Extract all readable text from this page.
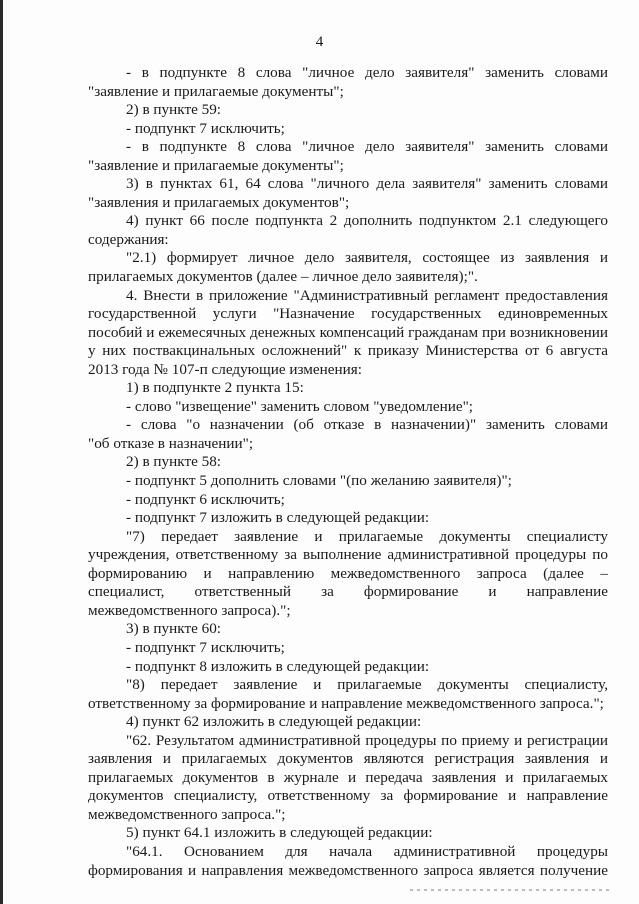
4
- в подпункте 8 слова "личное дело заявителя" заменить словами
"заявление и прилагаемые документы";
2) в пункте 59:
- подпункт 7 исключить;
- в подпункте 8 слова "личное дело заявителя" заменить словами
"заявление и прилагаемые документы";
3) в пунктах 61, 64 слова "личного дела заявителя" заменить словами
"заявления и прилагаемых документов";
4) пункт 66 после подпункта 2 дополнить подпунктом 2.1 следующего
содержания:
"2.1) формирует личное дело заявителя, состоящее из заявления и
прилагаемых документов (далее – личное дело заявителя);".
4. Внести в приложение "Административный регламент предоставления
государственной услуги "Назначение государственных единовременных
пособий и ежемесячных денежных компенсаций гражданам при возникновении
у них поствакцинальных осложнений" к приказу Министерства от 6 августа
2013 года № 107-п следующие изменения:
1) в подпункте 2 пункта 15:
- слово "извещение" заменить словом "уведомление";
- слова "о назначении (об отказе в назначении)" заменить словами
"об отказе в назначении";
2) в пункте 58:
- подпункт 5 дополнить словами "(по желанию заявителя)";
- подпункт 6 исключить;
- подпункт 7 изложить в следующей редакции:
"7) передает заявление и прилагаемые документы специалисту
учреждения, ответственному за выполнение административной процедуры по
формированию и направлению межведомственного запроса (далее –
специалист, ответственный за формирование и направление
межведомственного запроса).";
3) в пункте 60:
- подпункт 7 исключить;
- подпункт 8 изложить в следующей редакции:
"8) передает заявление и прилагаемые документы специалисту,
ответственному за формирование и направление межведомственного запроса.";
4) пункт 62 изложить в следующей редакции:
"62. Результатом административной процедуры по приему и регистрации
заявления и прилагаемых документов являются регистрация заявления и
прилагаемых документов в журнале и передача заявления и прилагаемых
документов специалисту, ответственному за формирование и направление
межведомственного запроса.";
5) пункт 64.1 изложить в следующей редакции:
"64.1. Основанием для начала административной процедуры
формирования и направления межведомственного запроса является получение
